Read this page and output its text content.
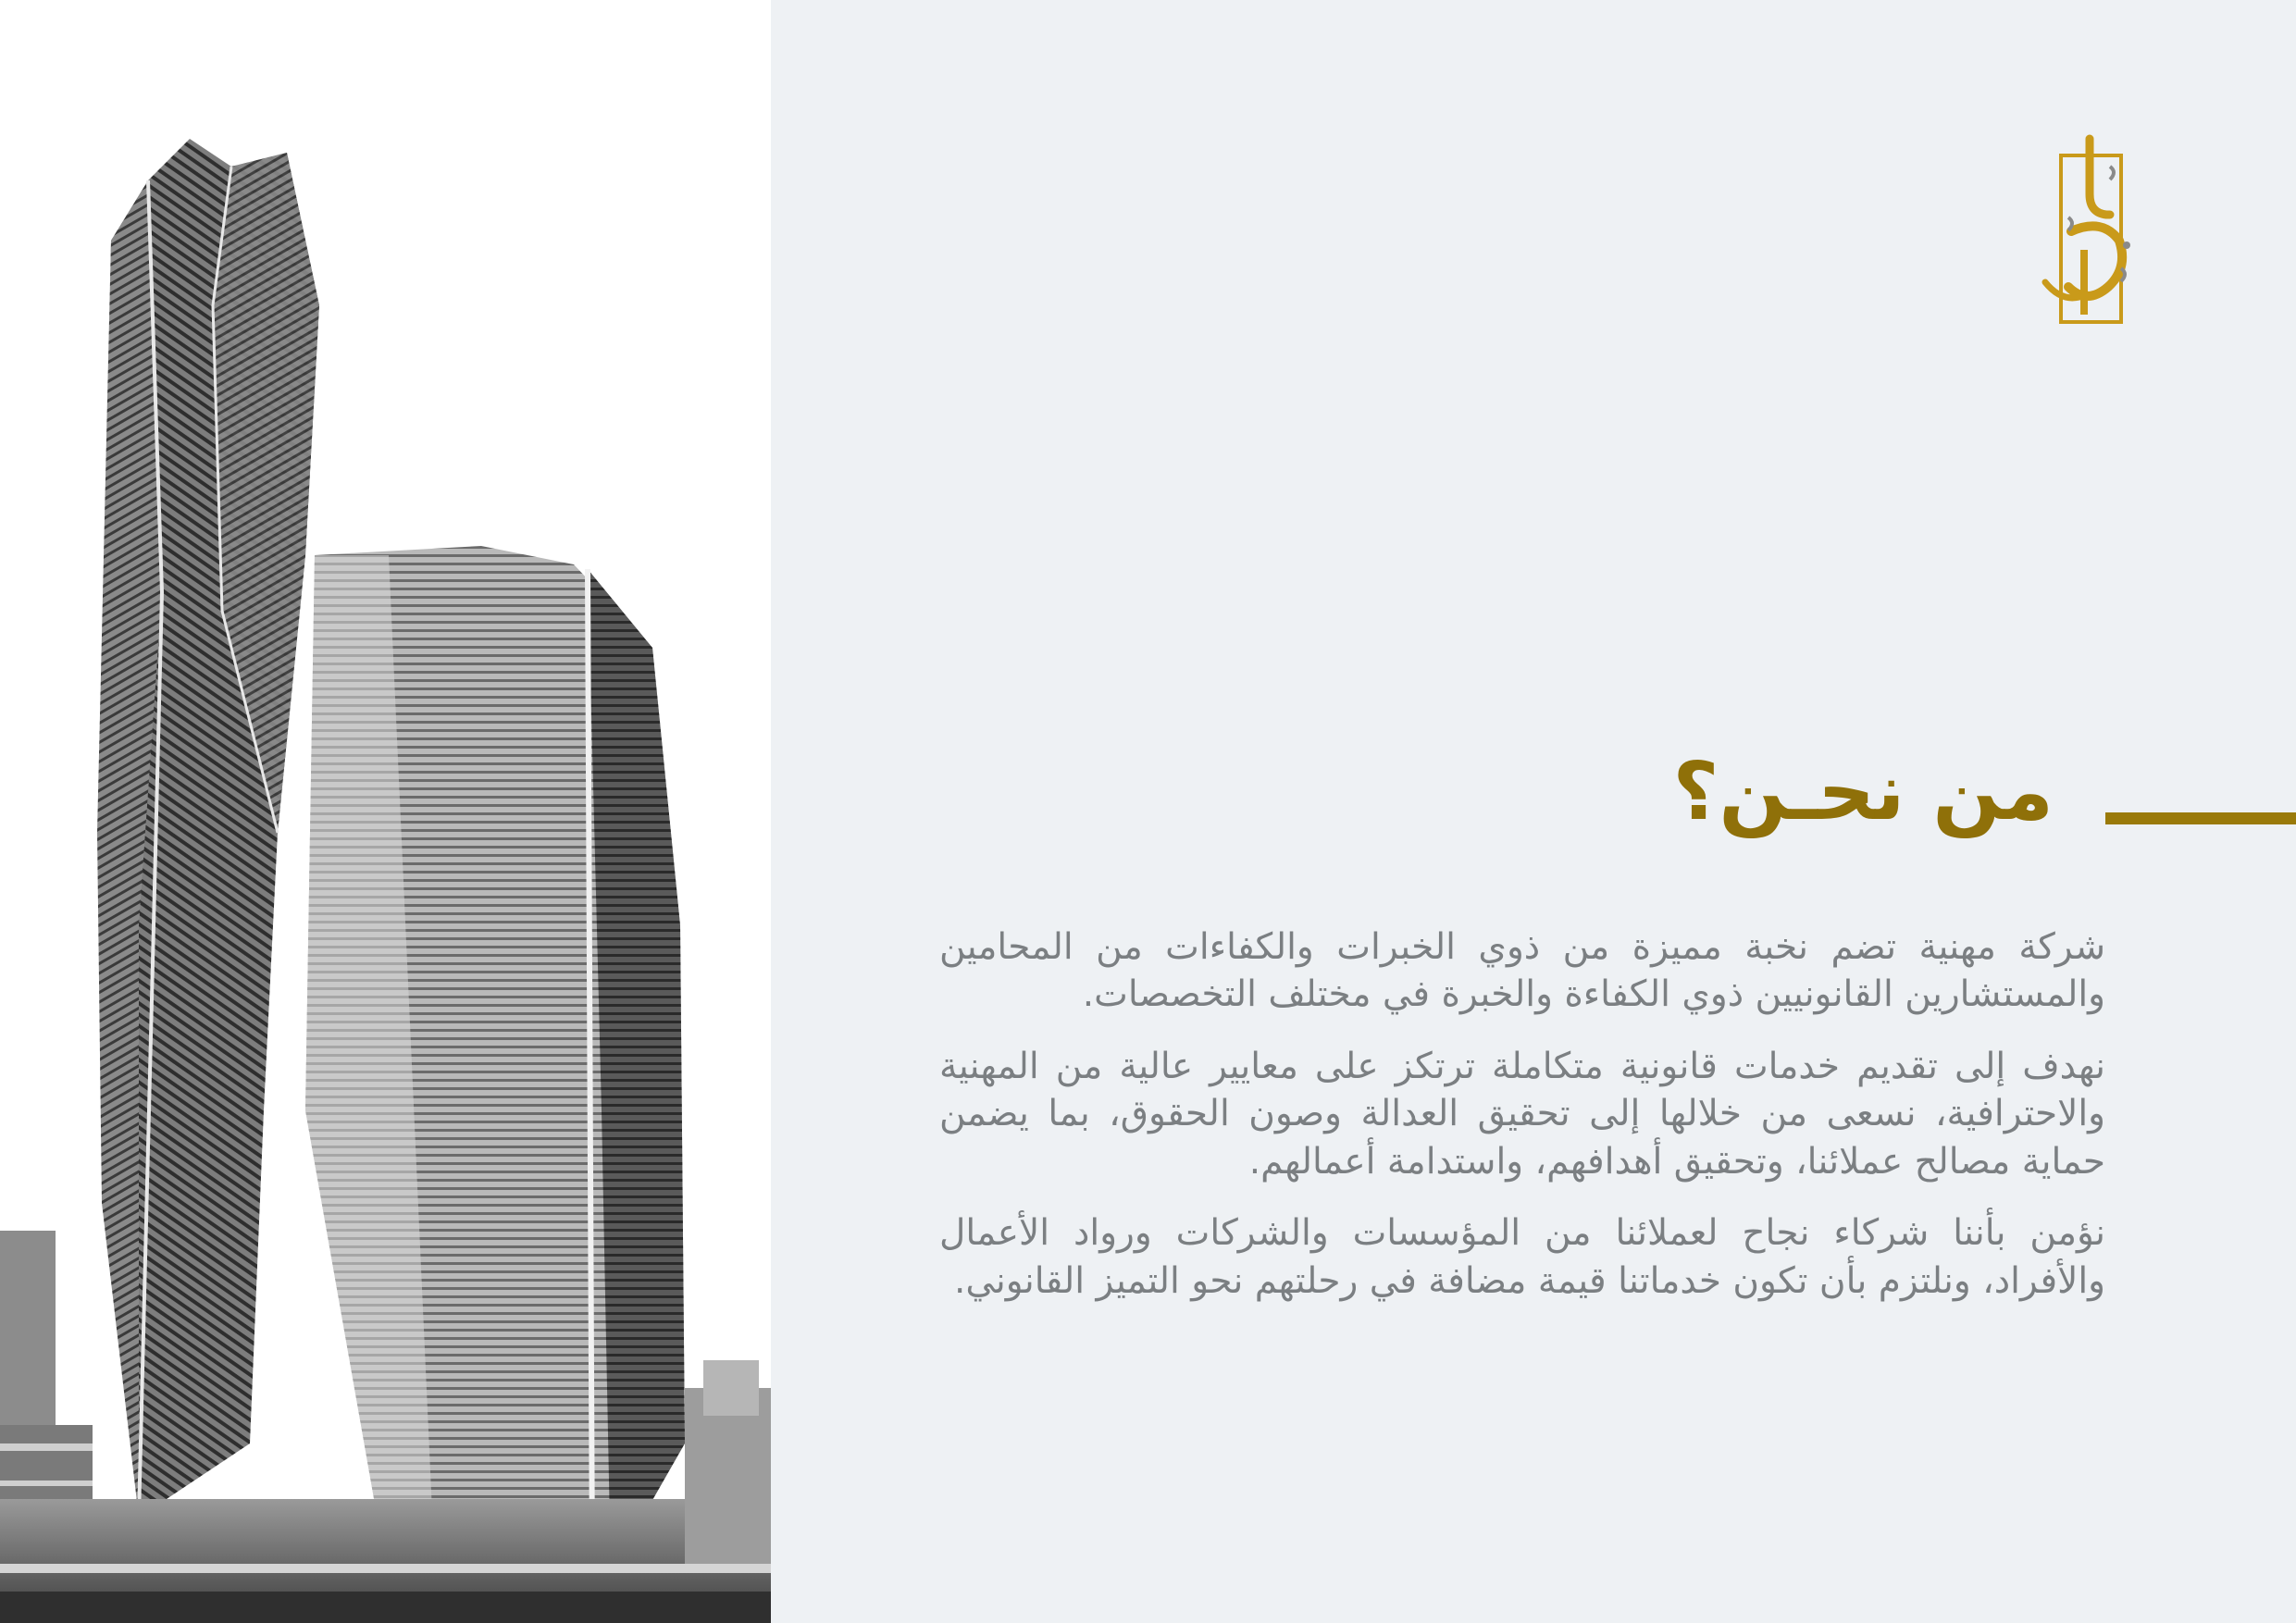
من نحـن؟

شركة مهنية تضم نخبة مميزة من ذوي الخبرات والكفاءات من المحامين والمستشارين القانونيين ذوي الكفاءة والخبرة في مختلف التخصصات.

نهدف إلى تقديم خدمات قانونية متكاملة ترتكز على معايير عالية من المهنية والاحترافية، نسعى من خلالها إلى تحقيق العدالة وصون الحقوق، بما يضمن حماية مصالح عملائنا، وتحقيق أهدافهم، واستدامة أعمالهم.

نؤمن بأننا شركاء نجاح لعملائنا من المؤسسات والشركات ورواد الأعمال والأفراد، ونلتزم بأن تكون خدماتنا قيمة مضافة في رحلتهم نحو التميز القانوني.
